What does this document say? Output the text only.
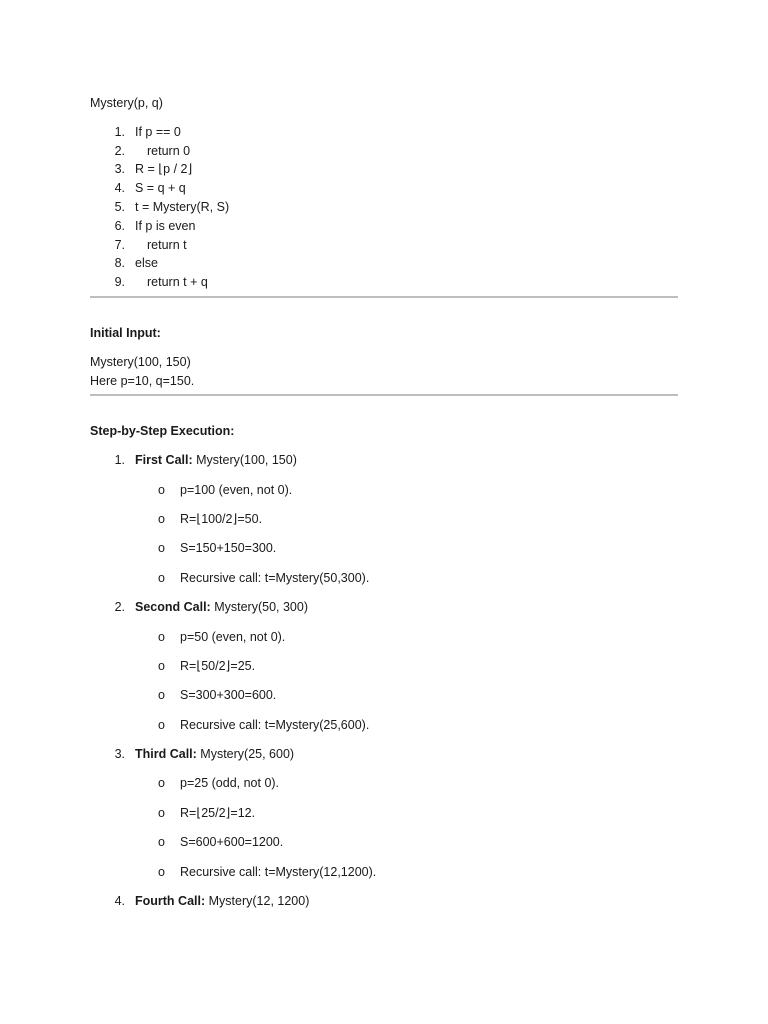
Mystery(p, q)
1. If p == 0
2. return 0
3. R = ⌊p / 2⌋
4. S = q + q
5. t = Mystery(R, S)
6. If p is even
7. return t
8. else
9. return t + q
Initial Input:
Mystery(100, 150)
Here p=10, q=150.
Step-by-Step Execution:
1. First Call: Mystery(100, 150)
o p=100 (even, not 0).
o R=⌊100/2⌋=50.
o S=150+150=300.
o Recursive call: t=Mystery(50,300).
2. Second Call: Mystery(50, 300)
o p=50 (even, not 0).
o R=⌊50/2⌋=25.
o S=300+300=600.
o Recursive call: t=Mystery(25,600).
3. Third Call: Mystery(25, 600)
o p=25 (odd, not 0).
o R=⌊25/2⌋=12.
o S=600+600=1200.
o Recursive call: t=Mystery(12,1200).
4. Fourth Call: Mystery(12, 1200)
